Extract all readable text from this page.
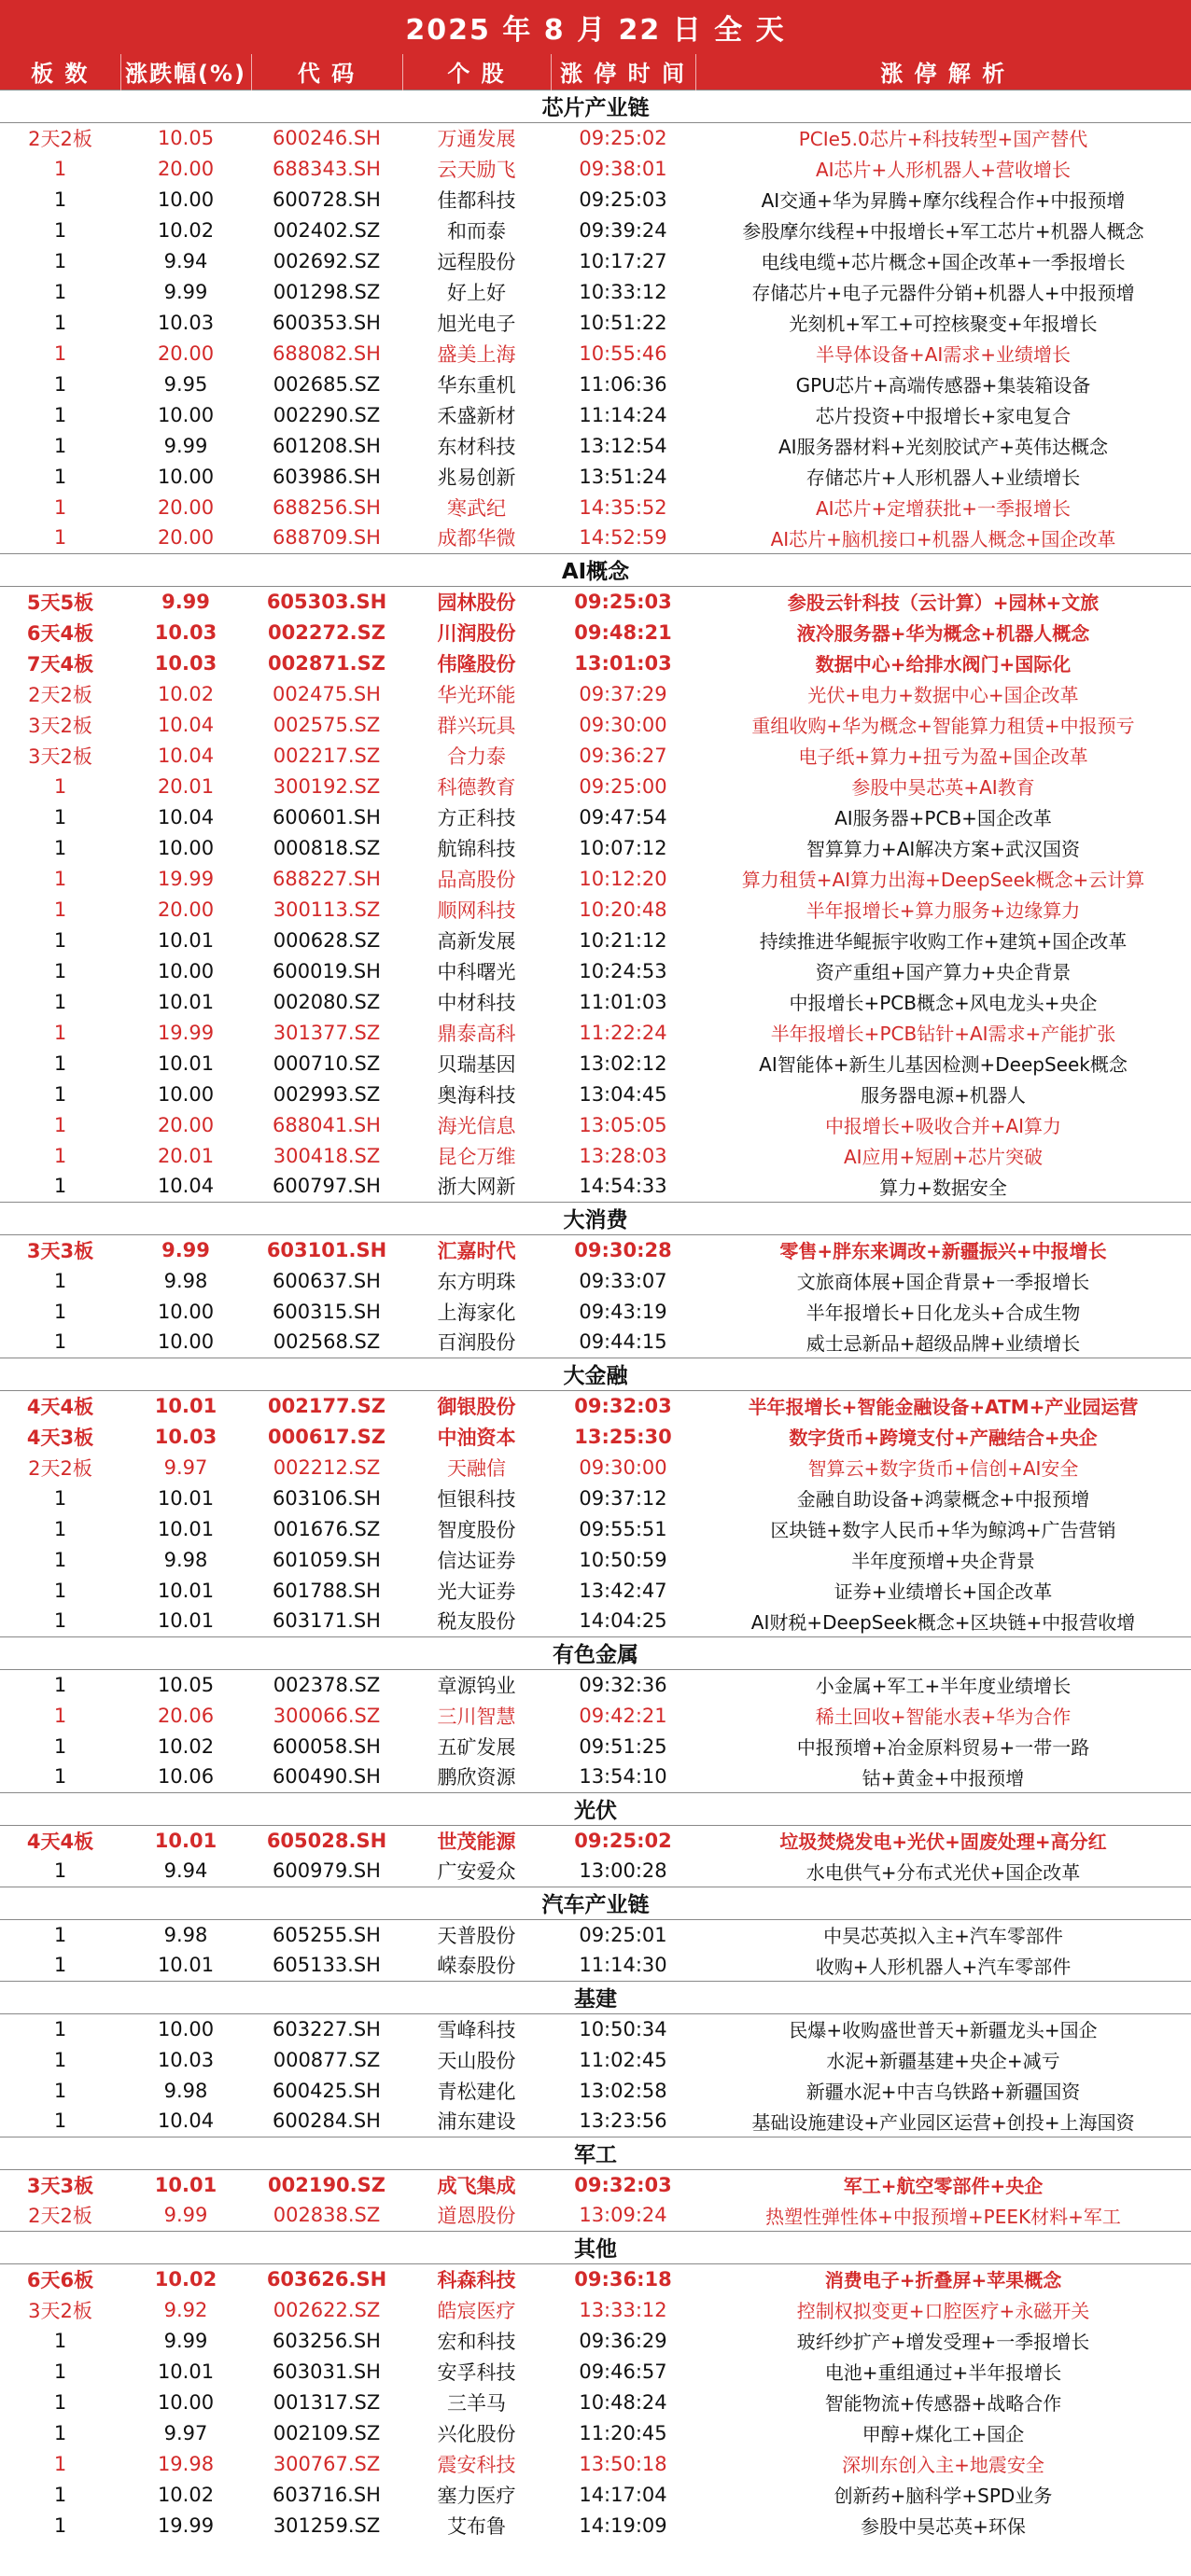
2025 年 8 月 22 日 全 天
板 数	涨跌幅(%)	代 码	个 股	涨 停 时 间	涨 停 解 析
芯片产业链					
2天2板	10.05	600246.SH	万通发展	09:25:02	PCIe5.0芯片+科技转型+国产替代
1	20.00	688343.SH	云天励飞	09:38:01	AI芯片+人形机器人+营收增长
1	10.00	600728.SH	佳都科技	09:25:03	AI交通+华为昇腾+摩尔线程合作+中报预增
1	10.02	002402.SZ	和而泰	09:39:24	参股摩尔线程+中报增长+军工芯片+机器人概念
1	9.94	002692.SZ	远程股份	10:17:27	电线电缆+芯片概念+国企改革+一季报增长
1	9.99	001298.SZ	好上好	10:33:12	存储芯片+电子元器件分销+机器人+中报预增
1	10.03	600353.SH	旭光电子	10:51:22	光刻机+军工+可控核聚变+年报增长
1	20.00	688082.SH	盛美上海	10:55:46	半导体设备+AI需求+业绩增长
1	9.95	002685.SZ	华东重机	11:06:36	GPU芯片+高端传感器+集装箱设备
1	10.00	002290.SZ	禾盛新材	11:14:24	芯片投资+中报增长+家电复合
1	9.99	601208.SH	东材科技	13:12:54	AI服务器材料+光刻胶试产+英伟达概念
1	10.00	603986.SH	兆易创新	13:51:24	存储芯片+人形机器人+业绩增长
1	20.00	688256.SH	寒武纪	14:35:52	AI芯片+定增获批+一季报增长
1	20.00	688709.SH	成都华微	14:52:59	AI芯片+脑机接口+机器人概念+国企改革
AI概念					
5天5板	9.99	605303.SH	园林股份	09:25:03	参股云针科技（云计算）+园林+文旅
6天4板	10.03	002272.SZ	川润股份	09:48:21	液冷服务器+华为概念+机器人概念
7天4板	10.03	002871.SZ	伟隆股份	13:01:03	数据中心+给排水阀门+国际化
2天2板	10.02	002475.SH	华光环能	09:37:29	光伏+电力+数据中心+国企改革
3天2板	10.04	002575.SZ	群兴玩具	09:30:00	重组收购+华为概念+智能算力租赁+中报预亏
3天2板	10.04	002217.SZ	合力泰	09:36:27	电子纸+算力+扭亏为盈+国企改革
1	20.01	300192.SZ	科德教育	09:25:00	参股中昊芯英+AI教育
1	10.04	600601.SH	方正科技	09:47:54	AI服务器+PCB+国企改革
1	10.00	000818.SZ	航锦科技	10:07:12	智算算力+AI解决方案+武汉国资
1	19.99	688227.SH	品高股份	10:12:20	算力租赁+AI算力出海+DeepSeek概念+云计算
1	20.00	300113.SZ	顺网科技	10:20:48	半年报增长+算力服务+边缘算力
1	10.01	000628.SZ	高新发展	10:21:12	持续推进华鲲振宇收购工作+建筑+国企改革
1	10.00	600019.SH	中科曙光	10:24:53	资产重组+国产算力+央企背景
1	10.01	002080.SZ	中材科技	11:01:03	中报增长+PCB概念+风电龙头+央企
1	19.99	301377.SZ	鼎泰高科	11:22:24	半年报增长+PCB钻针+AI需求+产能扩张
1	10.01	000710.SZ	贝瑞基因	13:02:12	AI智能体+新生儿基因检测+DeepSeek概念
1	10.00	002993.SZ	奥海科技	13:04:45	服务器电源+机器人
1	20.00	688041.SH	海光信息	13:05:05	中报增长+吸收合并+AI算力
1	20.01	300418.SZ	昆仑万维	13:28:03	AI应用+短剧+芯片突破
1	10.04	600797.SH	浙大网新	14:54:33	算力+数据安全
大消费					
3天3板	9.99	603101.SH	汇嘉时代	09:30:28	零售+胖东来调改+新疆振兴+中报增长
1	9.98	600637.SH	东方明珠	09:33:07	文旅商体展+国企背景+一季报增长
1	10.00	600315.SH	上海家化	09:43:19	半年报增长+日化龙头+合成生物
1	10.00	002568.SZ	百润股份	09:44:15	威士忌新品+超级品牌+业绩增长
大金融					
4天4板	10.01	002177.SZ	御银股份	09:32:03	半年报增长+智能金融设备+ATM+产业园运营
4天3板	10.03	000617.SZ	中油资本	13:25:30	数字货币+跨境支付+产融结合+央企
2天2板	9.97	002212.SZ	天融信	09:30:00	智算云+数字货币+信创+AI安全
1	10.01	603106.SH	恒银科技	09:37:12	金融自助设备+鸿蒙概念+中报预增
1	10.01	001676.SZ	智度股份	09:55:51	区块链+数字人民币+华为鲸鸿+广告营销
1	9.98	601059.SH	信达证券	10:50:59	半年度预增+央企背景
1	10.01	601788.SH	光大证券	13:42:47	证券+业绩增长+国企改革
1	10.01	603171.SH	税友股份	14:04:25	AI财税+DeepSeek概念+区块链+中报营收增
有色金属					
1	10.05	002378.SZ	章源钨业	09:32:36	小金属+军工+半年度业绩增长
1	20.06	300066.SZ	三川智慧	09:42:21	稀土回收+智能水表+华为合作
1	10.02	600058.SH	五矿发展	09:51:25	中报预增+冶金原料贸易+一带一路
1	10.06	600490.SH	鹏欣资源	13:54:10	钴+黄金+中报预增
光伏					
4天4板	10.01	605028.SH	世茂能源	09:25:02	垃圾焚烧发电+光伏+固废处理+高分红
1	9.94	600979.SH	广安爱众	13:00:28	水电供气+分布式光伏+国企改革
汽车产业链					
1	9.98	605255.SH	天普股份	09:25:01	中昊芯英拟入主+汽车零部件
1	10.01	605133.SH	嵘泰股份	11:14:30	收购+人形机器人+汽车零部件
基建					
1	10.00	603227.SH	雪峰科技	10:50:34	民爆+收购盛世普天+新疆龙头+国企
1	10.03	000877.SZ	天山股份	11:02:45	水泥+新疆基建+央企+减亏
1	9.98	600425.SH	青松建化	13:02:58	新疆水泥+中吉乌铁路+新疆国资
1	10.04	600284.SH	浦东建设	13:23:56	基础设施建设+产业园区运营+创投+上海国资
军工					
3天3板	10.01	002190.SZ	成飞集成	09:32:03	军工+航空零部件+央企
2天2板	9.99	002838.SZ	道恩股份	13:09:24	热塑性弹性体+中报预增+PEEK材料+军工
其他					
6天6板	10.02	603626.SH	科森科技	09:36:18	消费电子+折叠屏+苹果概念
3天2板	9.92	002622.SZ	皓宸医疗	13:33:12	控制权拟变更+口腔医疗+永磁开关
1	9.99	603256.SH	宏和科技	09:36:29	玻纤纱扩产+增发受理+一季报增长
1	10.01	603031.SH	安孚科技	09:46:57	电池+重组通过+半年报增长
1	10.00	001317.SZ	三羊马	10:48:24	智能物流+传感器+战略合作
1	9.97	002109.SZ	兴化股份	11:20:45	甲醇+煤化工+国企
1	19.98	300767.SZ	震安科技	13:50:18	深圳东创入主+地震安全
1	10.02	603716.SH	塞力医疗	14:17:04	创新药+脑科学+SPD业务
1	19.99	301259.SZ	艾布鲁	14:19:09	参股中昊芯英+环保
